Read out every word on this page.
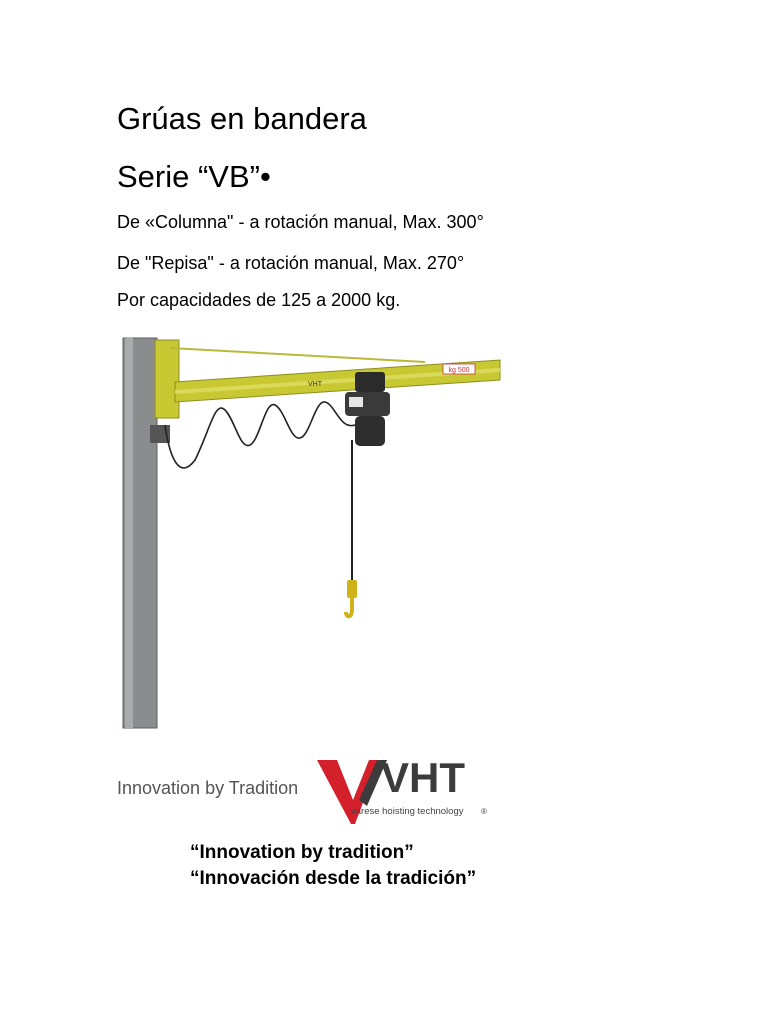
Grúas en bandera
Serie “VB”•
De «Columna" - a rotación manual, Max. 300°
De "Repisa" - a rotación manual, Max. 270°
Por capacidades de 125 a 2000 kg.
kg 500
VHT
Innovation by Tradition VHT
varese hoisting technology ®
“Innovation by tradition”
“Innovación desde la tradición”
